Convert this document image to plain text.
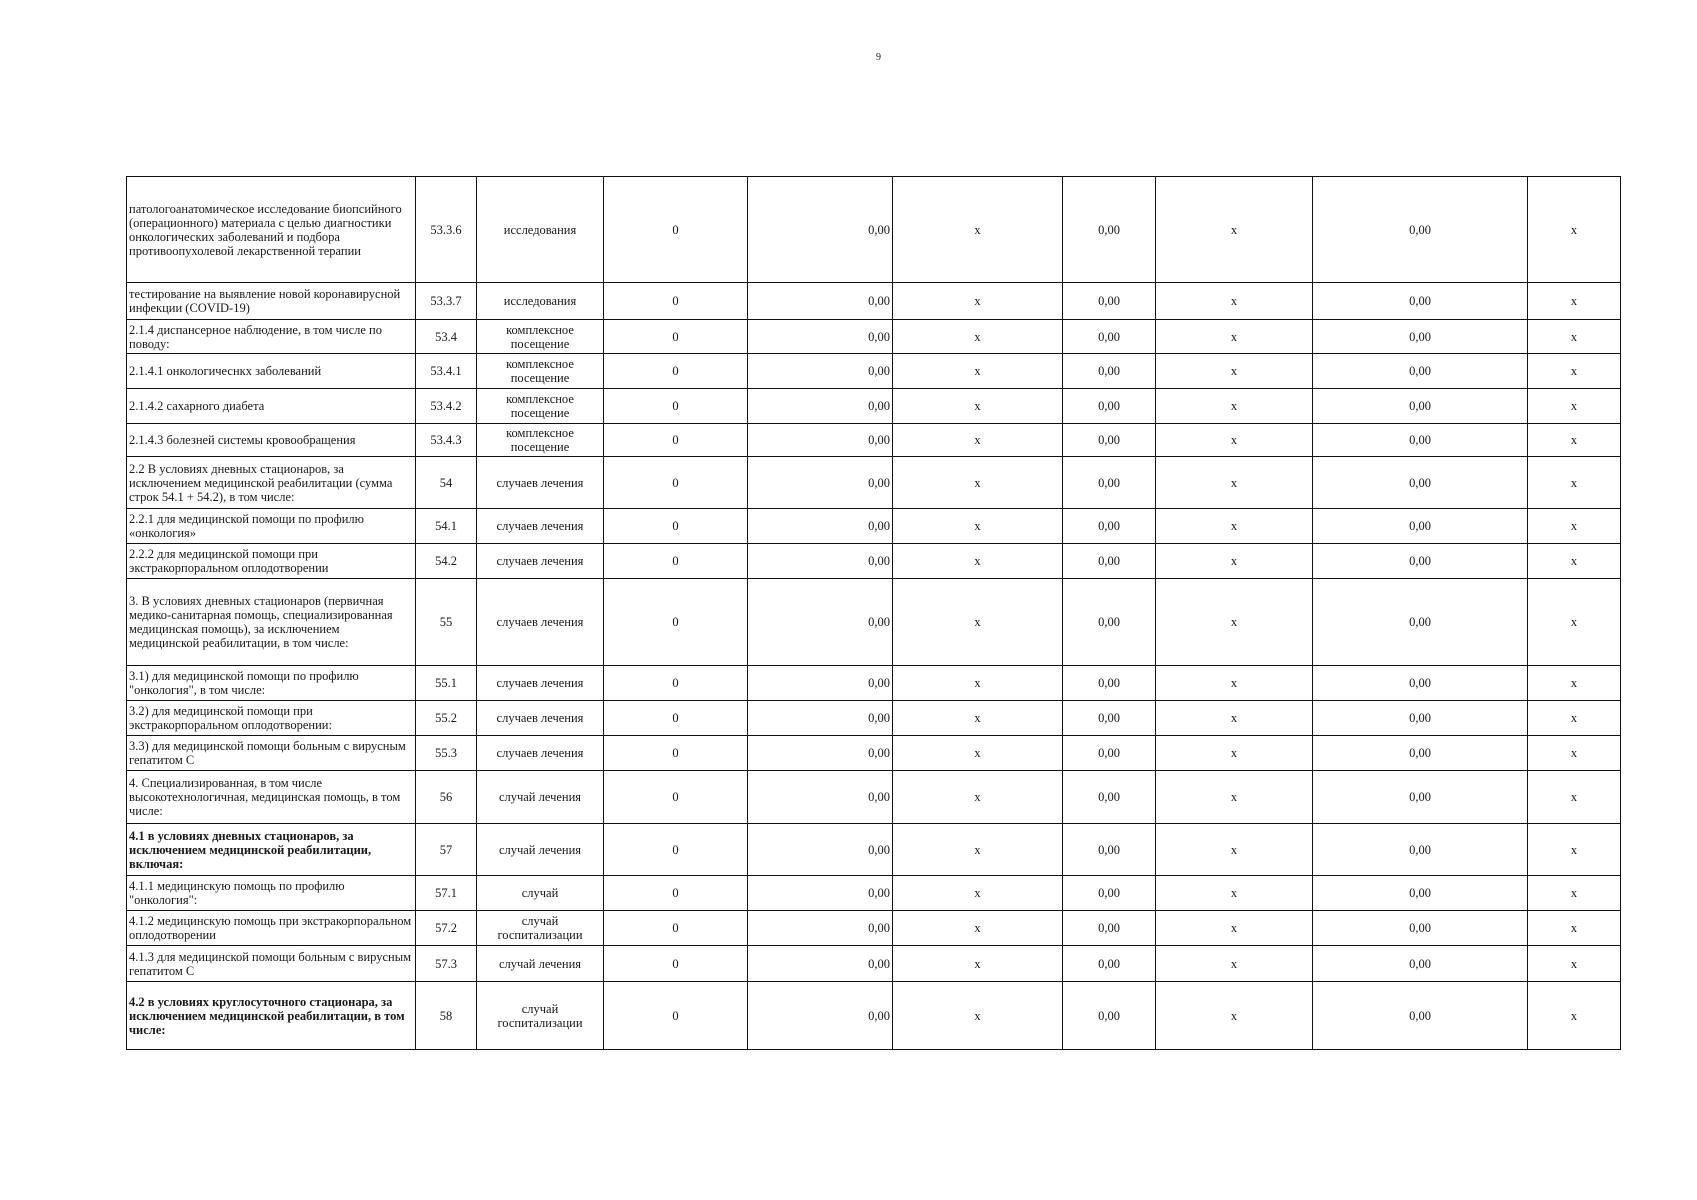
9
патологоанатомическое исследование биопсийного (операционного) материала с целью диагностики онкологических заболеваний и подбора противоопухолевой лекарственной терапии	53.3.6	исследования	0	0,00	х	0,00	х	0,00	х
тестирование на выявление новой коронавирусной инфекции (COVID-19)	53.3.7	исследования	0	0,00	х	0,00	х	0,00	х
2.1.4 диспансерное наблюдение, в том числе по поводу:	53.4	комплексное посещение	0	0,00	х	0,00	х	0,00	х
2.1.4.1 онкологичеснкх заболеваний	53.4.1	комплексное посещение	0	0,00	х	0,00	х	0,00	х
2.1.4.2 сахарного диабета	53.4.2	комплексное посещение	0	0,00	х	0,00	х	0,00	х
2.1.4.3 болезней системы кровообращения	53.4.3	комплексное посещение	0	0,00	х	0,00	х	0,00	х
2.2 В условиях дневных стационаров, за исключением медицинской реабилитации (сумма строк 54.1 + 54.2), в том числе:	54	случаев лечения	0	0,00	х	0,00	х	0,00	х
2.2.1 для медицинской помощи по профилю «онкология»	54.1	случаев лечения	0	0,00	х	0,00	х	0,00	х
2.2.2 для медицинской помощи при экстракорпоральном оплодотворении	54.2	случаев лечения	0	0,00	х	0,00	х	0,00	х
3. В условиях дневных стационаров (первичная медико-санитарная помощь, специализированная медицинская помощь), за исключением медицинской реабилитации, в том числе:	55	случаев лечения	0	0,00	х	0,00	х	0,00	х
3.1) для медицинской помощи по профилю "онкология", в том числе:	55.1	случаев лечения	0	0,00	х	0,00	х	0,00	х
3.2) для медицинской помощи при экстракорпоральном оплодотворении:	55.2	случаев лечения	0	0,00	х	0,00	х	0,00	х
3.3) для медицинской помощи больным с вирусным гепатитом С	55.3	случаев лечения	0	0,00	х	0,00	х	0,00	х
4. Специализированная, в том числе высокотехнологичная, медицинская помощь, в том числе:	56	случай лечения	0	0,00	х	0,00	х	0,00	х
4.1 в условиях дневных стационаров, за исключением медицинской реабилитации, включая:	57	случай лечения	0	0,00	х	0,00	х	0,00	х
4.1.1 медицинскую помощь по профилю "онкология":	57.1	случай	0	0,00	х	0,00	х	0,00	х
4.1.2 медицинскую помощь при экстракорпоральном оплодотворении	57.2	случай госпитализации	0	0,00	х	0,00	х	0,00	х
4.1.3 для медицинской помощи больным с вирусным гепатитом С	57.3	случай лечения	0	0,00	х	0,00	х	0,00	х
4.2 в условиях круглосуточного стационара, за исключением медицинской реабилитации, в том числе:	58	случай госпитализации	0	0,00	х	0,00	х	0,00	х
